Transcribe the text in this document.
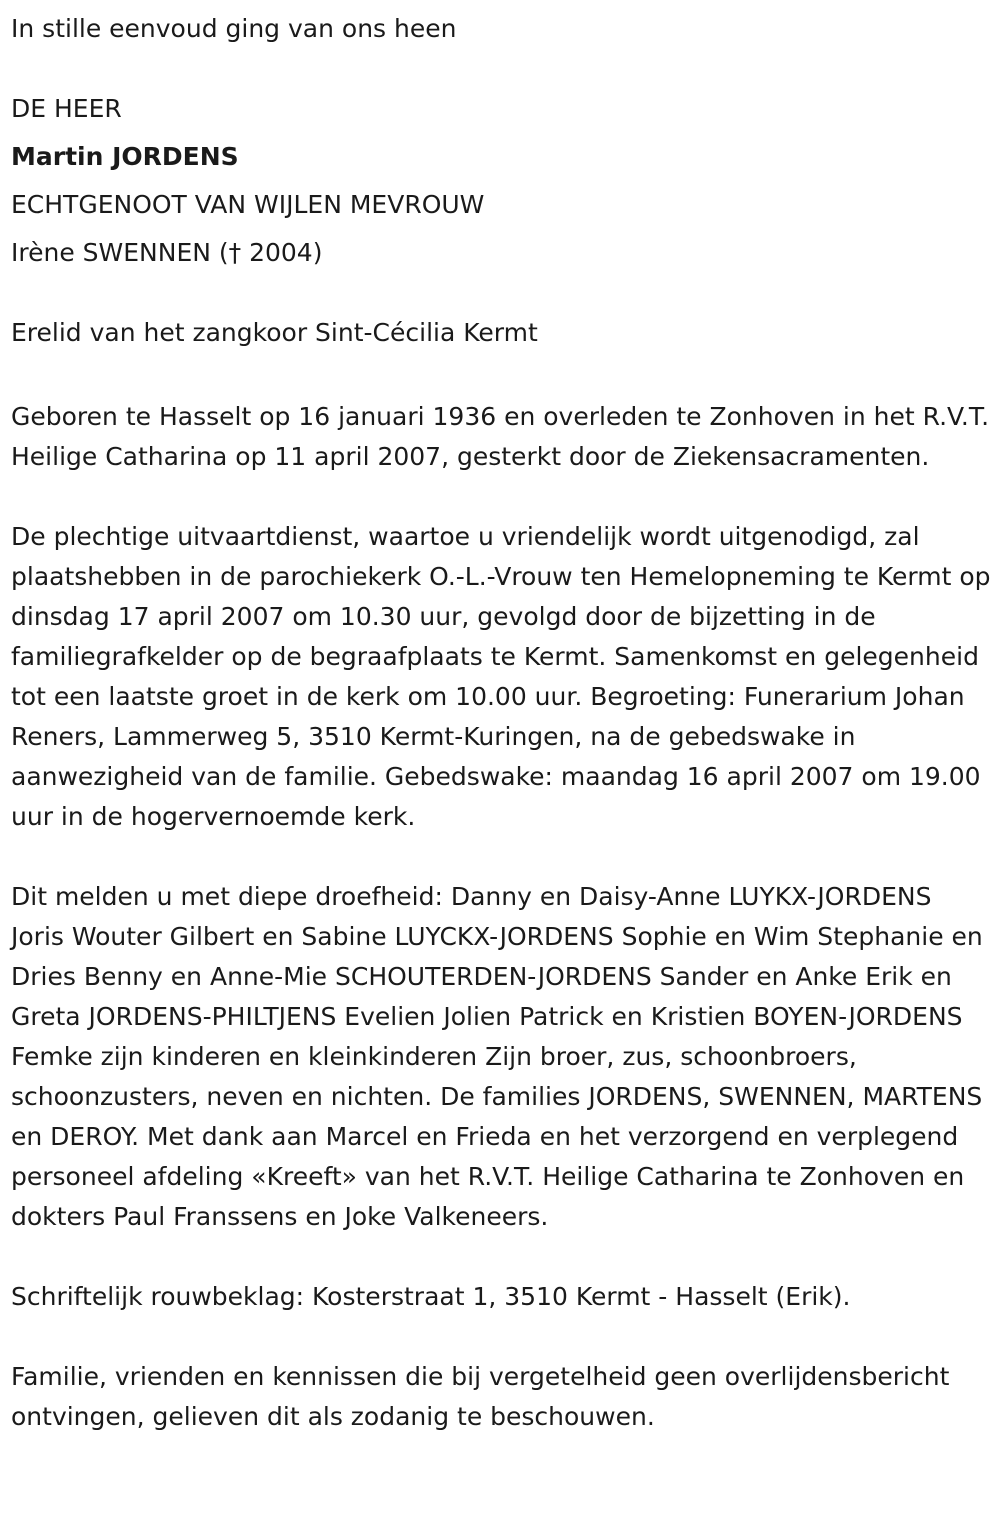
In stille eenvoud ging van ons heen
DE HEER
Martin JORDENS
ECHTGENOOT VAN WIJLEN MEVROUW
Irène SWENNEN († 2004)
Erelid van het zangkoor Sint-Cécilia Kermt

Geboren te Hasselt op 16 januari 1936 en overleden te Zonhoven in het R.V.T. Heilige Catharina op 11 april 2007, gesterkt door de Ziekensacramenten.

De plechtige uitvaartdienst, waartoe u vriendelijk wordt uitgenodigd, zal plaatshebben in de parochiekerk O.-L.-Vrouw ten Hemelopneming te Kermt op dinsdag 17 april 2007 om 10.30 uur, gevolgd door de bijzetting in de familiegrafkelder op de begraafplaats te Kermt. Samenkomst en gelegenheid tot een laatste groet in de kerk om 10.00 uur. Begroeting: Funerarium Johan Reners, Lammerweg 5, 3510 Kermt-Kuringen, na de gebedswake in aanwezigheid van de familie. Gebedswake: maandag 16 april 2007 om 19.00 uur in de hogervernoemde kerk.

Dit melden u met diepe droefheid: Danny en Daisy-Anne LUYKX-JORDENS Joris Wouter Gilbert en Sabine LUYCKX-JORDENS Sophie en Wim Stephanie en Dries Benny en Anne-Mie SCHOUTERDEN-JORDENS Sander en Anke Erik en Greta JORDENS-PHILTJENS Evelien Jolien Patrick en Kristien BOYEN-JORDENS Femke zijn kinderen en kleinkinderen Zijn broer, zus, schoonbroers, schoonzusters, neven en nichten. De families JORDENS, SWENNEN, MARTENS en DEROY. Met dank aan Marcel en Frieda en het verzorgend en verplegend personeel afdeling «Kreeft» van het R.V.T. Heilige Catharina te Zonhoven en dokters Paul Franssens en Joke Valkeneers.

Schriftelijk rouwbeklag: Kosterstraat 1, 3510 Kermt - Hasselt (Erik).

Familie, vrienden en kennissen die bij vergetelheid geen overlijdensbericht ontvingen, gelieven dit als zodanig te beschouwen.
